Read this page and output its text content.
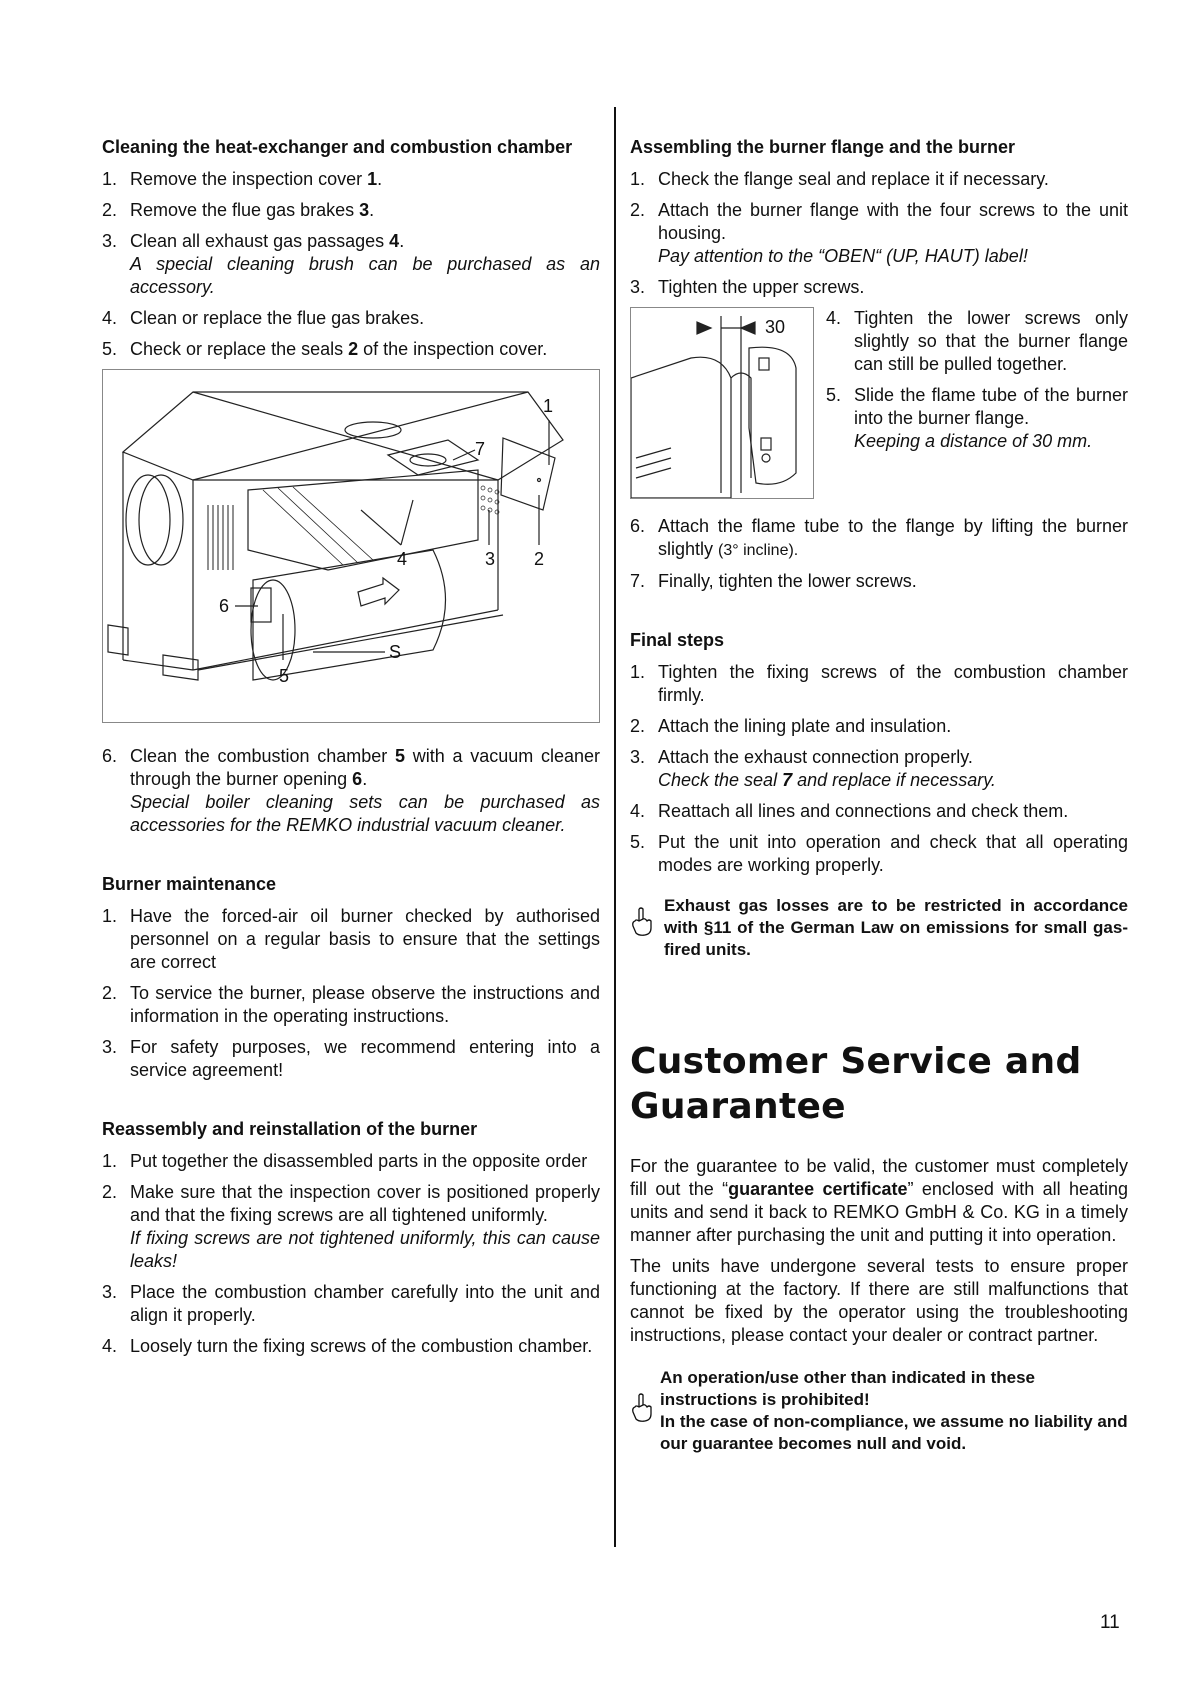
Cleaning the heat-exchanger and combustion chamber
1. Remove the inspection cover 1.
2. Remove the flue gas brakes 3.
3. Clean all exhaust gas passages 4.
A special cleaning brush can be purchased as an accessory.
4. Clean or replace the flue gas brakes.
5. Check or replace the seals 2 of the inspection cover.
1
7
4	3 2
6
S
5
6. Clean the combustion chamber 5 with a vacuum cleaner through the burner opening 6.
Special boiler cleaning sets can be purchased as accessories for the REMKO industrial vacuum cleaner.
Burner maintenance
1. Have the forced-air oil burner checked by authorised personnel on a regular basis to ensure that the settings are correct
2. To service the burner, please observe the instructions and information in the operating instructions.
3. For safety purposes, we recommend entering into a service agreement!
Reassembly and reinstallation of the burner
1. Put together the disassembled parts in the opposite order
2. Make sure that the inspection cover is positioned properly and that the fixing screws are all tightened uniformly.
If fixing screws are not tightened uniformly, this can cause leaks!
3. Place the combustion chamber carefully into the unit and align it properly.
4. Loosely turn the fixing screws of the combustion chamber.
Assembling the burner flange and the burner
1. Check the flange seal and replace it if necessary.
2. Attach the burner flange with the four screws to the unit housing.
Pay attention to the “OBEN“ (UP, HAUT) label!
3. Tighten the upper screws.
30 4. Tighten the lower screws only slightly so that the burner flange can still be pulled together.
5. Slide the flame tube of the burner into the burner flange.
Keeping a distance of 30 mm.
6. Attach the flame tube to the flange by lifting the burner slightly (3° incline).
7. Finally, tighten the lower screws.
Final steps
1. Tighten the fixing screws of the combustion chamber firmly.
2. Attach the lining plate and insulation.
3. Attach the exhaust connection properly.
Check the seal 7 and replace if necessary.
4. Reattach all lines and connections and check them.
5. Put the unit into operation and check that all operating modes are working properly.
Exhaust gas losses are to be restricted in accordance with §11 of the German Law on emissions for small gas-fired units.
Customer Service and
Guarantee

For the guarantee to be valid, the customer must completely fill out the “guarantee certificate” enclosed with all heating units and send it back to REMKO GmbH & Co. KG in a timely manner after purchasing the unit and putting it into operation.

The units have undergone several tests to ensure proper functioning at the factory. If there are still malfunctions that cannot be fixed by the operator using the troubleshooting instructions, please contact your dealer or contract partner.

An operation/use other than indicated in these instructions is prohibited!
In the case of non-compliance, we assume no liability and our guarantee becomes null and void.
11
